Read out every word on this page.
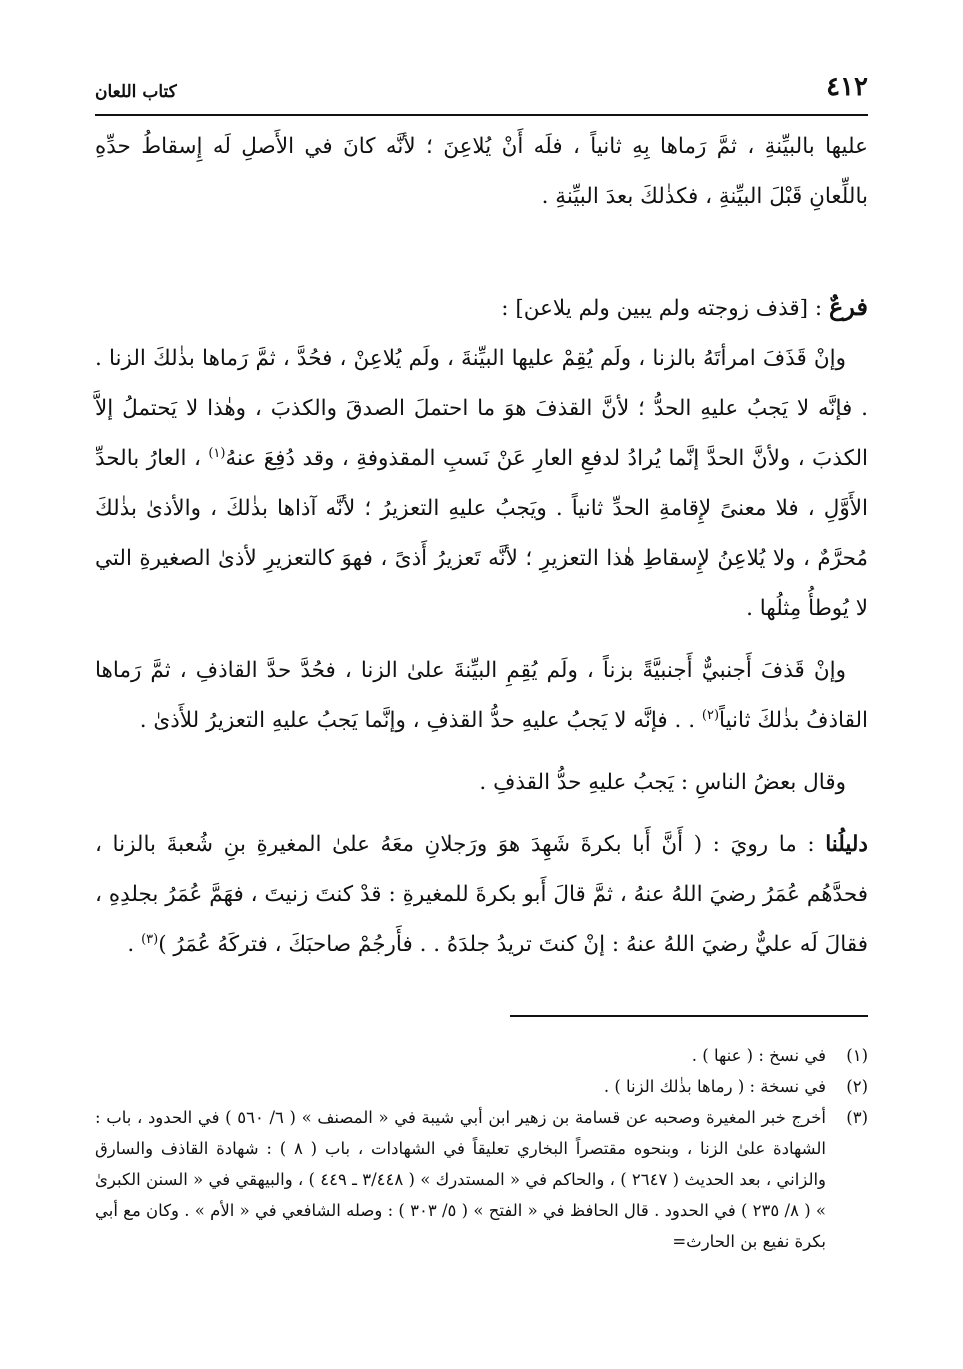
٤١٢
كتاب اللعان

عليها بالبيِّنةِ ، ثمَّ رَماها بِهِ ثانياً ، فلَه أَنْ يُلاعِنَ ؛ لأنَّه كانَ في الأَصلِ لَه إِسقاطُ حدِّهِ باللِّعانِ قَبْلَ البيِّنةِ ، فكذٰلكَ بعدَ البيِّنةِ .

فرعٌ : [قذف زوجته ولم يبين ولم يلاعن] :

وإنْ قَذَفَ امرأتَهُ بالزنا ، ولَم يُقِمْ عليها البيِّنةَ ، ولَم يُلاعِنْ ، فحُدَّ ، ثمَّ رَماها بذٰلكَ الزنا . . فإنَّه لا يَجبُ عليهِ الحدُّ ؛ لأنَّ القذفَ هوَ ما احتملَ الصدقَ والكذبَ ، وهٰذا لا يَحتملُ إلاَّ الكذبَ ، ولأنَّ الحدَّ إنَّما يُرادُ لدفعِ العارِ عَنْ نَسبِ المقذوفةِ ، وقد دُفِعَ عنهُ$^{(١)}$ ، العارُ بالحدِّ الأَوَّلِ ، فلا معنىً لإِقامةِ الحدِّ ثانياً . ويَجبُ عليهِ التعزيرُ ؛ لأنَّه آذاها بذٰلكَ ، والأذىٰ بذٰلكَ مُحرَّمٌ ، ولا يُلاعِنُ لإِسقاطِ هٰذا التعزيرِ ؛ لأنَّه تَعزيرُ أَذىً ، فهوَ كالتعزيرِ لأذىٰ الصغيرةِ التي لا يُوطأُ مِثلُها .

وإنْ قَذفَ أَجنبيٌّ أَجنبيَّةً بزناً ، ولَم يُقِمِ البيِّنةَ علىٰ الزنا ، فحُدَّ حدَّ القاذفِ ، ثمَّ رَماها القاذفُ بذٰلكَ ثانياً$^{(٢)}$ . . فإنَّه لا يَجبُ عليهِ حدُّ القذفِ ، وإنَّما يَجبُ عليهِ التعزيرُ للأَذىٰ .

وقال بعضُ الناسِ : يَجبُ عليهِ حدُّ القذفِ .

دليلُنا : ما رويَ : ( أَنَّ أَبا بكرةَ شَهِدَ هوَ ورَجلانِ معَهُ علىٰ المغيرةِ بنِ شُعبةَ بالزنا ، فحدَّهُم عُمَرُ رضيَ اللهُ عنهُ ، ثمَّ قالَ أَبو بكرةَ للمغيرةِ : قدْ كنتَ زنيتَ ، فهَمَّ عُمَرُ بجلدِهِ ، فقالَ لَه عليٌّ رضيَ اللهُ عنهُ : إنْ كنتَ تريدُ جلدَهُ . . فأَرجُمْ صاحبَكَ ، فتركَهُ عُمَرُ )$^{(٣)}$ .

(١)
في نسخ : ( عنها ) .
(٢)
في نسخة : ( رماها بذٰلك الزنا ) .
(٣)
أخرج خبر المغيرة وصحبه عن قسامة بن زهير ابن أبي شيبة في « المصنف » ( ٦/ ٥٦٠ ) في الحدود ، باب : الشهادة علىٰ الزنا ، وبنحوه مقتصراً البخاري تعليقاً في الشهادات ، باب ( ٨ ) : شهادة القاذف والسارق والزاني ، بعد الحديث ( ٢٦٤٧ ) ، والحاكم في « المستدرك » ( ٣/٤٤٨ ـ ٤٤٩ ) ، والبيهقي في « السنن الكبرىٰ » ( ٨/ ٢٣٥ ) في الحدود . قال الحافظ في « الفتح » ( ٥/ ٣٠٣ ) : وصله الشافعي في « الأم » . وكان مع أبي بكرة نفيع بن الحارث=
